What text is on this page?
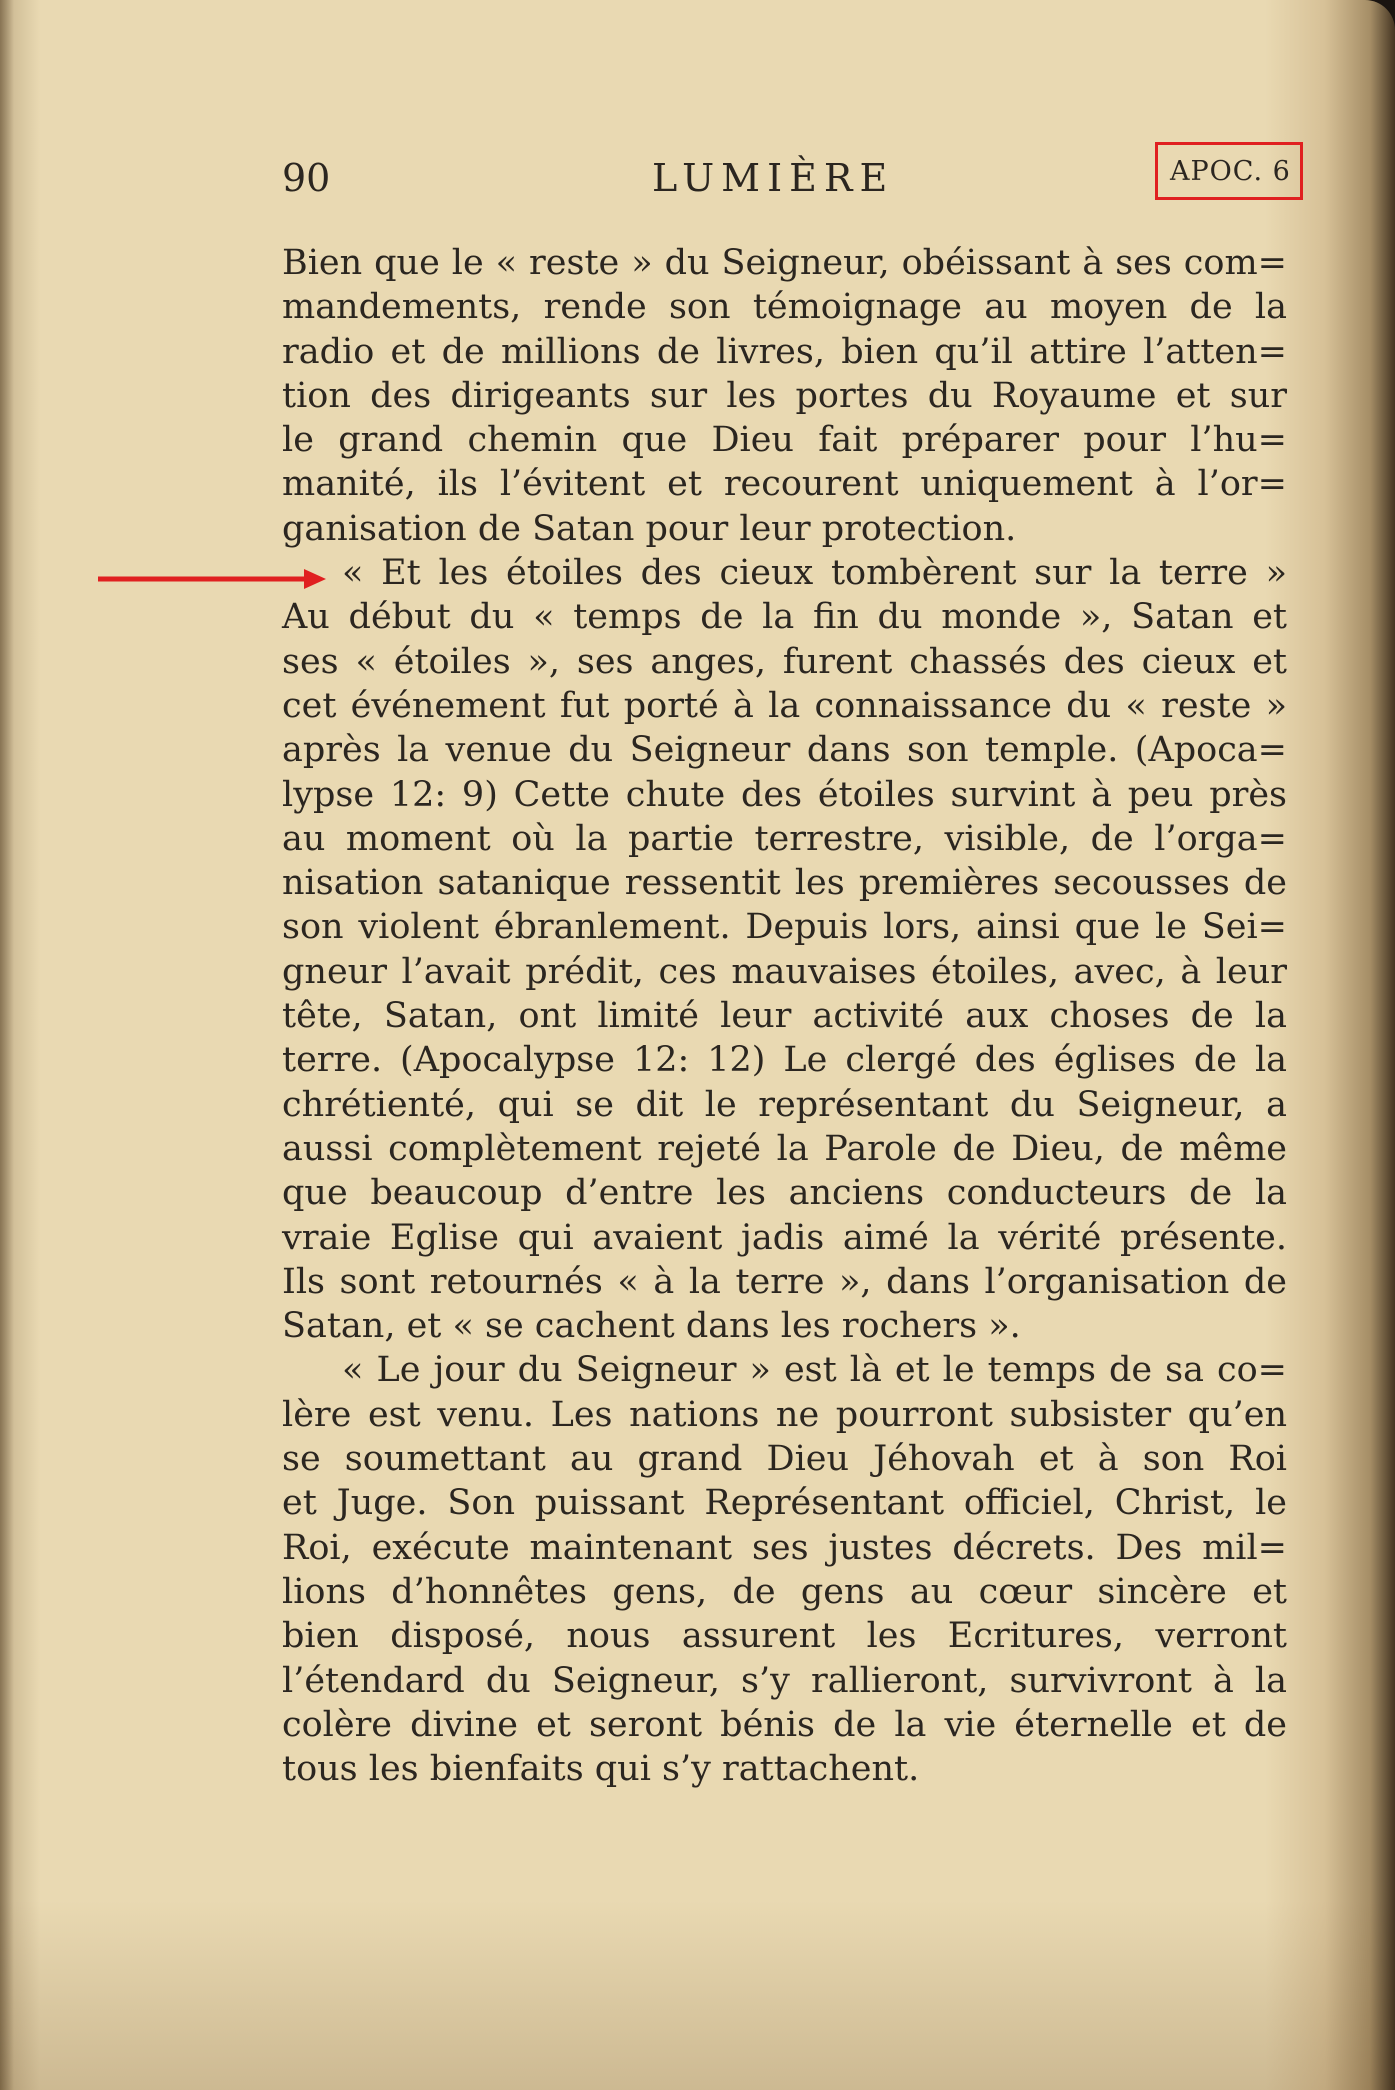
90	LUMIÈRE	APOC. 6
Bien que le « reste » du Seigneur, obéissant à ses com=
mandements, rende son témoignage au moyen de la
radio et de millions de livres, bien qu’il attire l’atten=
tion des dirigeants sur les portes du Royaume et sur
le grand chemin que Dieu fait préparer pour l’hu=
manité, ils l’évitent et recourent uniquement à l’or=
ganisation de Satan pour leur protection.
« Et les étoiles des cieux tombèrent sur la terre »
Au début du « temps de la fin du monde », Satan et
ses « étoiles », ses anges, furent chassés des cieux et
cet événement fut porté à la connaissance du « reste »
après la venue du Seigneur dans son temple. (Apoca=
lypse 12: 9) Cette chute des étoiles survint à peu près
au moment où la partie terrestre, visible, de l’orga=
nisation satanique ressentit les premières secousses de
son violent ébranlement. Depuis lors, ainsi que le Sei=
gneur l’avait prédit, ces mauvaises étoiles, avec, à leur
tête, Satan, ont limité leur activité aux choses de la
terre. (Apocalypse 12: 12) Le clergé des églises de la
chrétienté, qui se dit le représentant du Seigneur, a
aussi complètement rejeté la Parole de Dieu, de même
que beaucoup d’entre les anciens conducteurs de la
vraie Eglise qui avaient jadis aimé la vérité présente.
Ils sont retournés « à la terre », dans l’organisation de
Satan, et « se cachent dans les rochers ».
« Le jour du Seigneur » est là et le temps de sa co=
lère est venu. Les nations ne pourront subsister qu’en
se soumettant au grand Dieu Jéhovah et à son Roi
et Juge. Son puissant Représentant officiel, Christ, le
Roi, exécute maintenant ses justes décrets. Des mil=
lions d’honnêtes gens, de gens au cœur sincère et
bien disposé, nous assurent les Ecritures, verront
l’étendard du Seigneur, s’y rallieront, survivront à la
colère divine et seront bénis de la vie éternelle et de
tous les bienfaits qui s’y rattachent.
